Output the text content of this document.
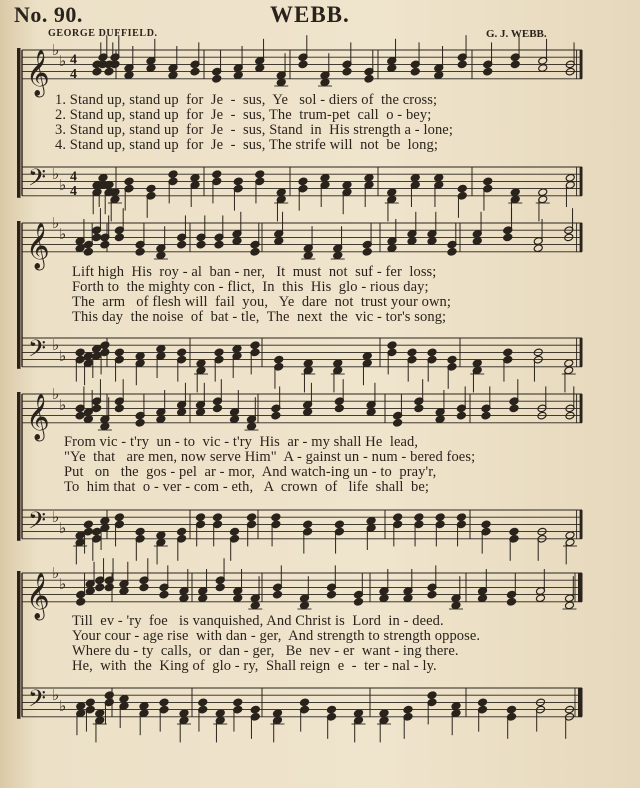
No. 90.	WEBB.
GEORGE DUFFIELD.	G. J. WEBB.
𝄞 ♭
♭ 4
4
𝄢 ♭
♭ 4
4
𝄞 ♭
♭
𝄢 ♭
♭
𝄞 ♭
♭
𝄢 ♭
♭
𝄞 ♭
♭
𝄢 ♭
♭

1. Stand up, stand up  for  Je  -  sus,  Ye   sol - diers of  the cross;

2. Stand up, stand up  for  Je  -  sus, The  trum-pet  call  o - bey;

3. Stand up, stand up  for  Je  -  sus, Stand  in  His strength a - lone;

4. Stand up, stand up  for  Je  -  sus, The strife will  not  be  long;

Lift high  His  roy - al  ban - ner,   It  must  not  suf - fer  loss;

Forth to  the mighty con - flict,  In  this  His  glo - rious day;

The  arm   of flesh will  fail  you,   Ye  dare  not  trust your own;

This day  the noise  of  bat - tle,  The  next  the  vic - tor's song;

From vic - t'ry  un - to  vic - t'ry  His  ar - my shall He  lead,

"Ye  that   are men, now serve Him"  A - gainst un - num - bered foes;

Put   on   the  gos - pel  ar - mor,  And watch-ing un - to  pray'r,

To  him that  o - ver - com - eth,   A  crown  of   life  shall  be;

Till  ev - 'ry  foe   is vanquished, And Christ is  Lord  in - deed.

Your cour - age rise  with dan - ger,  And strength to strength oppose.

Where du - ty  calls,  or  dan - ger,   Be  nev - er  want - ing there.

He,  with  the  King of  glo - ry,  Shall reign  e  -  ter - nal - ly.
